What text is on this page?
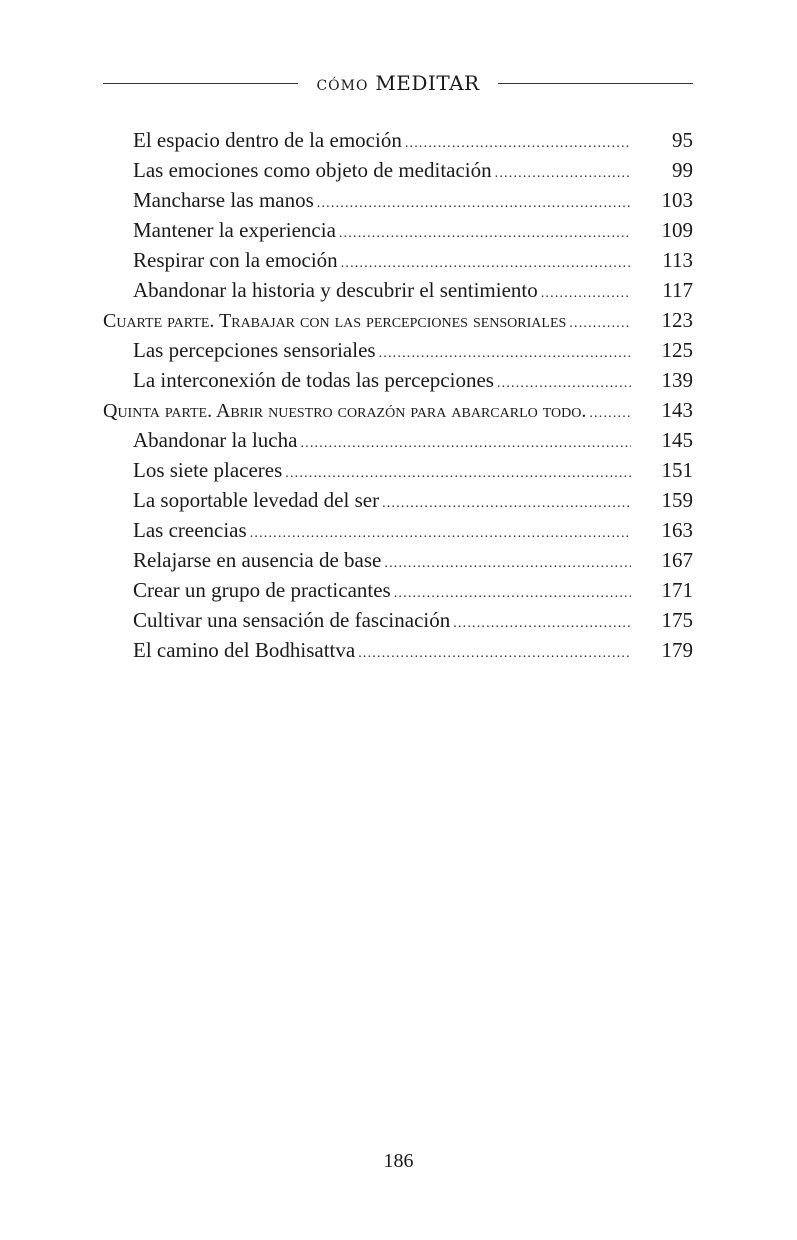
CÓMO MEDITAR
El espacio dentro de la emoción .....	95
Las emociones como objeto de meditación .....	99
Mancharse las manos .....	103
Mantener la experiencia .....	109
Respirar con la emoción .....	113
Abandonar la historia y descubrir el sentimiento .....	117
Cuarte parte. Trabajar con las percepciones sensoriales .....	123
Las percepciones sensoriales .....	125
La interconexión de todas las percepciones .....	139
Quinta parte. Abrir nuestro corazón para abarcarlo todo. .....	143
Abandonar la lucha .....	145
Los siete placeres .....	151
La soportable levedad del ser .....	159
Las creencias .....	163
Relajarse en ausencia de base .....	167
Crear un grupo de practicantes .....	171
Cultivar una sensación de fascinación .....	175
El camino del Bodhisattva .....	179
186
